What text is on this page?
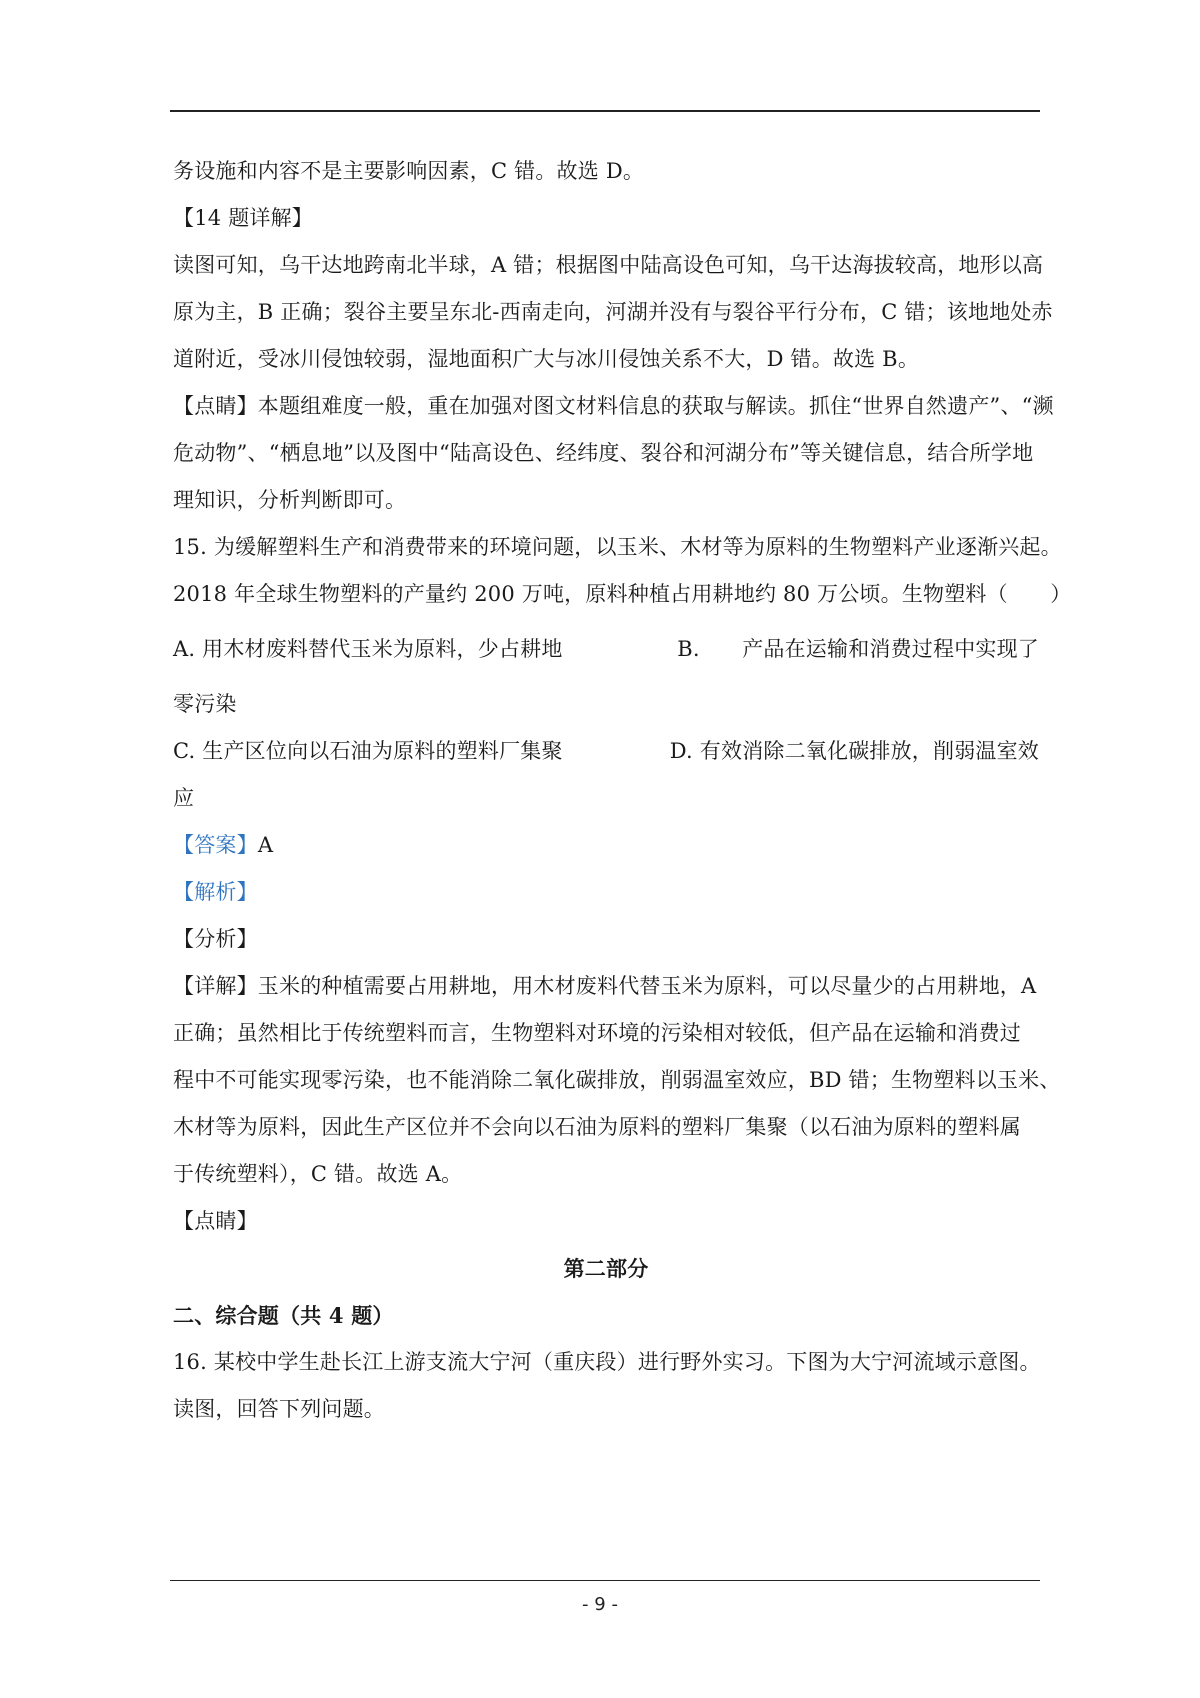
务设施和内容不是主要影响因素，C 错。故选 D。
【14 题详解】
读图可知，乌干达地跨南北半球，A 错；根据图中陆高设色可知，乌干达海拔较高，地形以高
原为主，B 正确；裂谷主要呈东北-西南走向，河湖并没有与裂谷平行分布，C 错；该地地处赤
道附近，受冰川侵蚀较弱，湿地面积广大与冰川侵蚀关系不大，D 错。故选 B。
【点睛】本题组难度一般，重在加强对图文材料信息的获取与解读。抓住“世界自然遗产”、“濒
危动物”、“栖息地”以及图中“陆高设色、经纬度、裂谷和河湖分布”等关键信息，结合所学地
理知识，分析判断即可。
15. 为缓解塑料生产和消费带来的环境问题，以玉米、木材等为原料的生物塑料产业逐渐兴起。
2018 年全球生物塑料的产量约 200 万吨，原料种植占用耕地约 80 万公顷。生物塑料（　　）
A. 用木材废料替代玉米为原料，少占耕地	B.　　产品在运输和消费过程中实现了
零污染
C. 生产区位向以石油为原料的塑料厂集聚	D. 有效消除二氧化碳排放，削弱温室效
应
【答案】A
【解析】
【分析】
【详解】玉米的种植需要占用耕地，用木材废料代替玉米为原料，可以尽量少的占用耕地，A
正确；虽然相比于传统塑料而言，生物塑料对环境的污染相对较低，但产品在运输和消费过
程中不可能实现零污染，也不能消除二氧化碳排放，削弱温室效应，BD 错；生物塑料以玉米、
木材等为原料，因此生产区位并不会向以石油为原料的塑料厂集聚（以石油为原料的塑料属
于传统塑料），C 错。故选 A。
【点睛】
第二部分
二、综合题（共 4 题）
16. 某校中学生赴长江上游支流大宁河（重庆段）进行野外实习。下图为大宁河流域示意图。
读图，回答下列问题。
- 9 -
